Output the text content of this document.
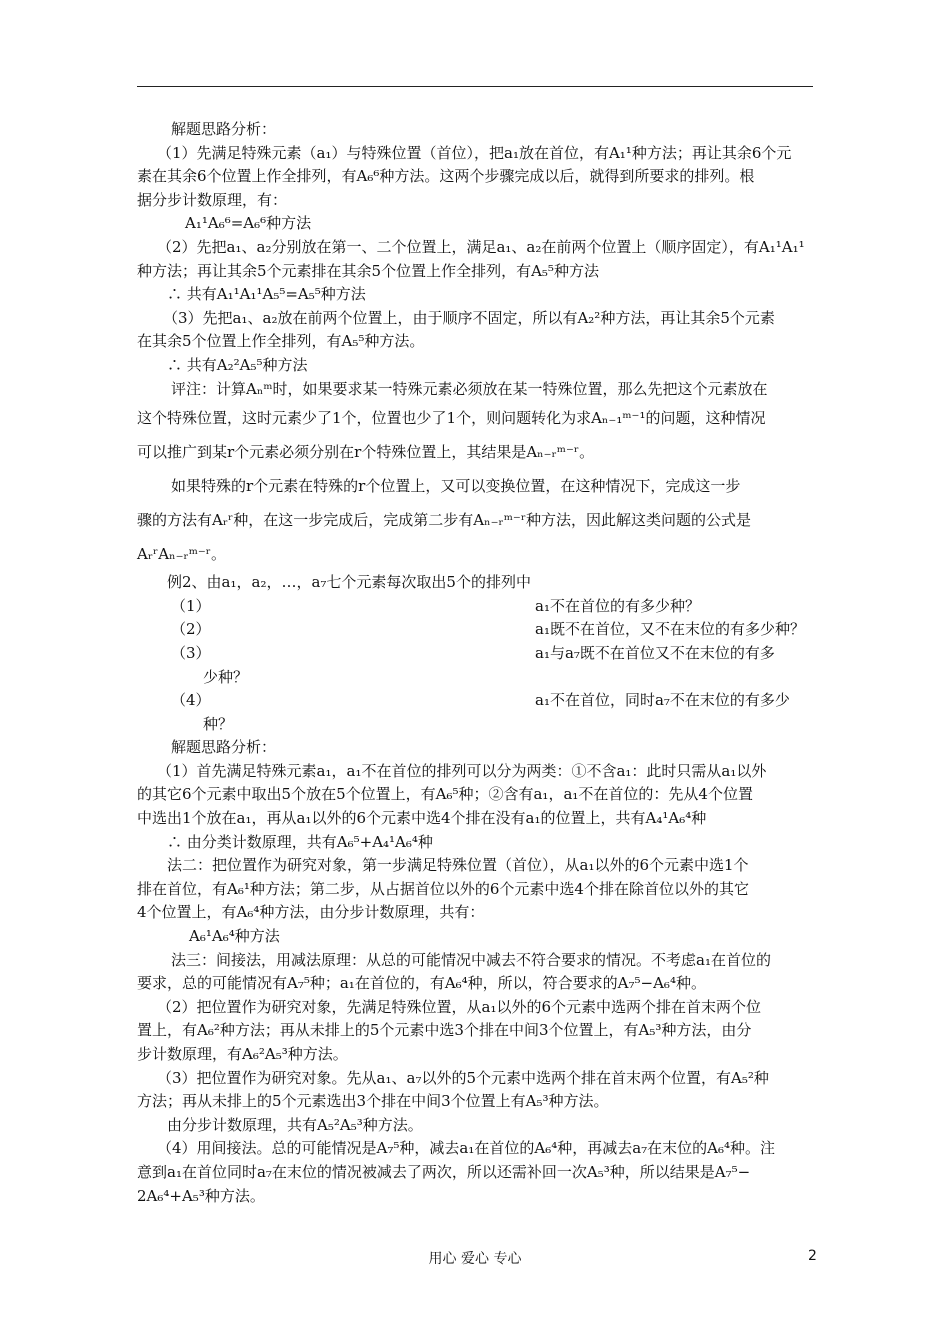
解题思路分析：

（1）先满足特殊元素（a₁）与特殊位置（首位），把a₁放在首位，有A₁¹种方法；再让其余6个元

素在其余6个位置上作全排列，有A₆⁶种方法。这两个步骤完成以后，就得到所要求的排列。根

据分步计数原理，有：

A₁¹A₆⁶=A₆⁶种方法

（2）先把a₁、a₂分别放在第一、二个位置上，满足a₁、a₂在前两个位置上（顺序固定），有A₁¹A₁¹

种方法；再让其余5个元素排在其余5个位置上作全排列，有A₅⁵种方法

∴ 共有A₁¹A₁¹A₅⁵=A₅⁵种方法

（3）先把a₁、a₂放在前两个位置上，由于顺序不固定，所以有A₂²种方法，再让其余5个元素

在其余5个位置上作全排列，有A₅⁵种方法。

∴ 共有A₂²A₅⁵种方法

评注：计算Aₙᵐ时，如果要求某一特殊元素必须放在某一特殊位置，那么先把这个元素放在

这个特殊位置，这时元素少了1个，位置也少了1个，则问题转化为求Aₙ₋₁ᵐ⁻¹的问题，这种情况

可以推广到某r个元素必须分别在r个特殊位置上，其结果是Aₙ₋ᵣᵐ⁻ʳ。

如果特殊的r个元素在特殊的r个位置上，又可以变换位置，在这种情况下，完成这一步

骤的方法有Aᵣʳ种，在这一步完成后，完成第二步有Aₙ₋ᵣᵐ⁻ʳ种方法，因此解这类问题的公式是

AᵣʳAₙ₋ᵣᵐ⁻ʳ。

例2、由a₁，a₂，…，a₇七个元素每次取出5个的排列中

（1）	a₁不在首位的有多少种？
（2）	a₁既不在首位，又不在末位的有多少种？
（3）	a₁与a₇既不在首位又不在末位的有多

少种？

（4）	a₁不在首位，同时a₇不在末位的有多少

种？

解题思路分析：

（1）首先满足特殊元素a₁，a₁不在首位的排列可以分为两类：①不含a₁：此时只需从a₁以外

的其它6个元素中取出5个放在5个位置上，有A₆⁵种；②含有a₁，a₁不在首位的：先从4个位置

中选出1个放在a₁，再从a₁以外的6个元素中选4个排在没有a₁的位置上，共有A₄¹A₆⁴种

∴ 由分类计数原理，共有A₆⁵+A₄¹A₆⁴种

法二：把位置作为研究对象，第一步满足特殊位置（首位），从a₁以外的6个元素中选1个

排在首位，有A₆¹种方法；第二步，从占据首位以外的6个元素中选4个排在除首位以外的其它

4个位置上，有A₆⁴种方法，由分步计数原理，共有：

A₆¹A₆⁴种方法

法三：间接法，用减法原理：从总的可能情况中减去不符合要求的情况。不考虑a₁在首位的

要求，总的可能情况有A₇⁵种；a₁在首位的，有A₆⁴种，所以，符合要求的A₇⁵−A₆⁴种。

（2）把位置作为研究对象，先满足特殊位置，从a₁以外的6个元素中选两个排在首末两个位

置上，有A₆²种方法；再从未排上的5个元素中选3个排在中间3个位置上，有A₅³种方法，由分

步计数原理，有A₆²A₅³种方法。

（3）把位置作为研究对象。先从a₁、a₇以外的5个元素中选两个排在首末两个位置，有A₅²种

方法；再从未排上的5个元素选出3个排在中间3个位置上有A₅³种方法。

由分步计数原理，共有A₅²A₅³种方法。

（4）用间接法。总的可能情况是A₇⁵种，减去a₁在首位的A₆⁴种，再减去a₇在末位的A₆⁴种。注

意到a₁在首位同时a₇在末位的情况被减去了两次，所以还需补回一次A₅³种，所以结果是A₇⁵−

2A₆⁴+A₅³种方法。

用心 爱心 专心	2
